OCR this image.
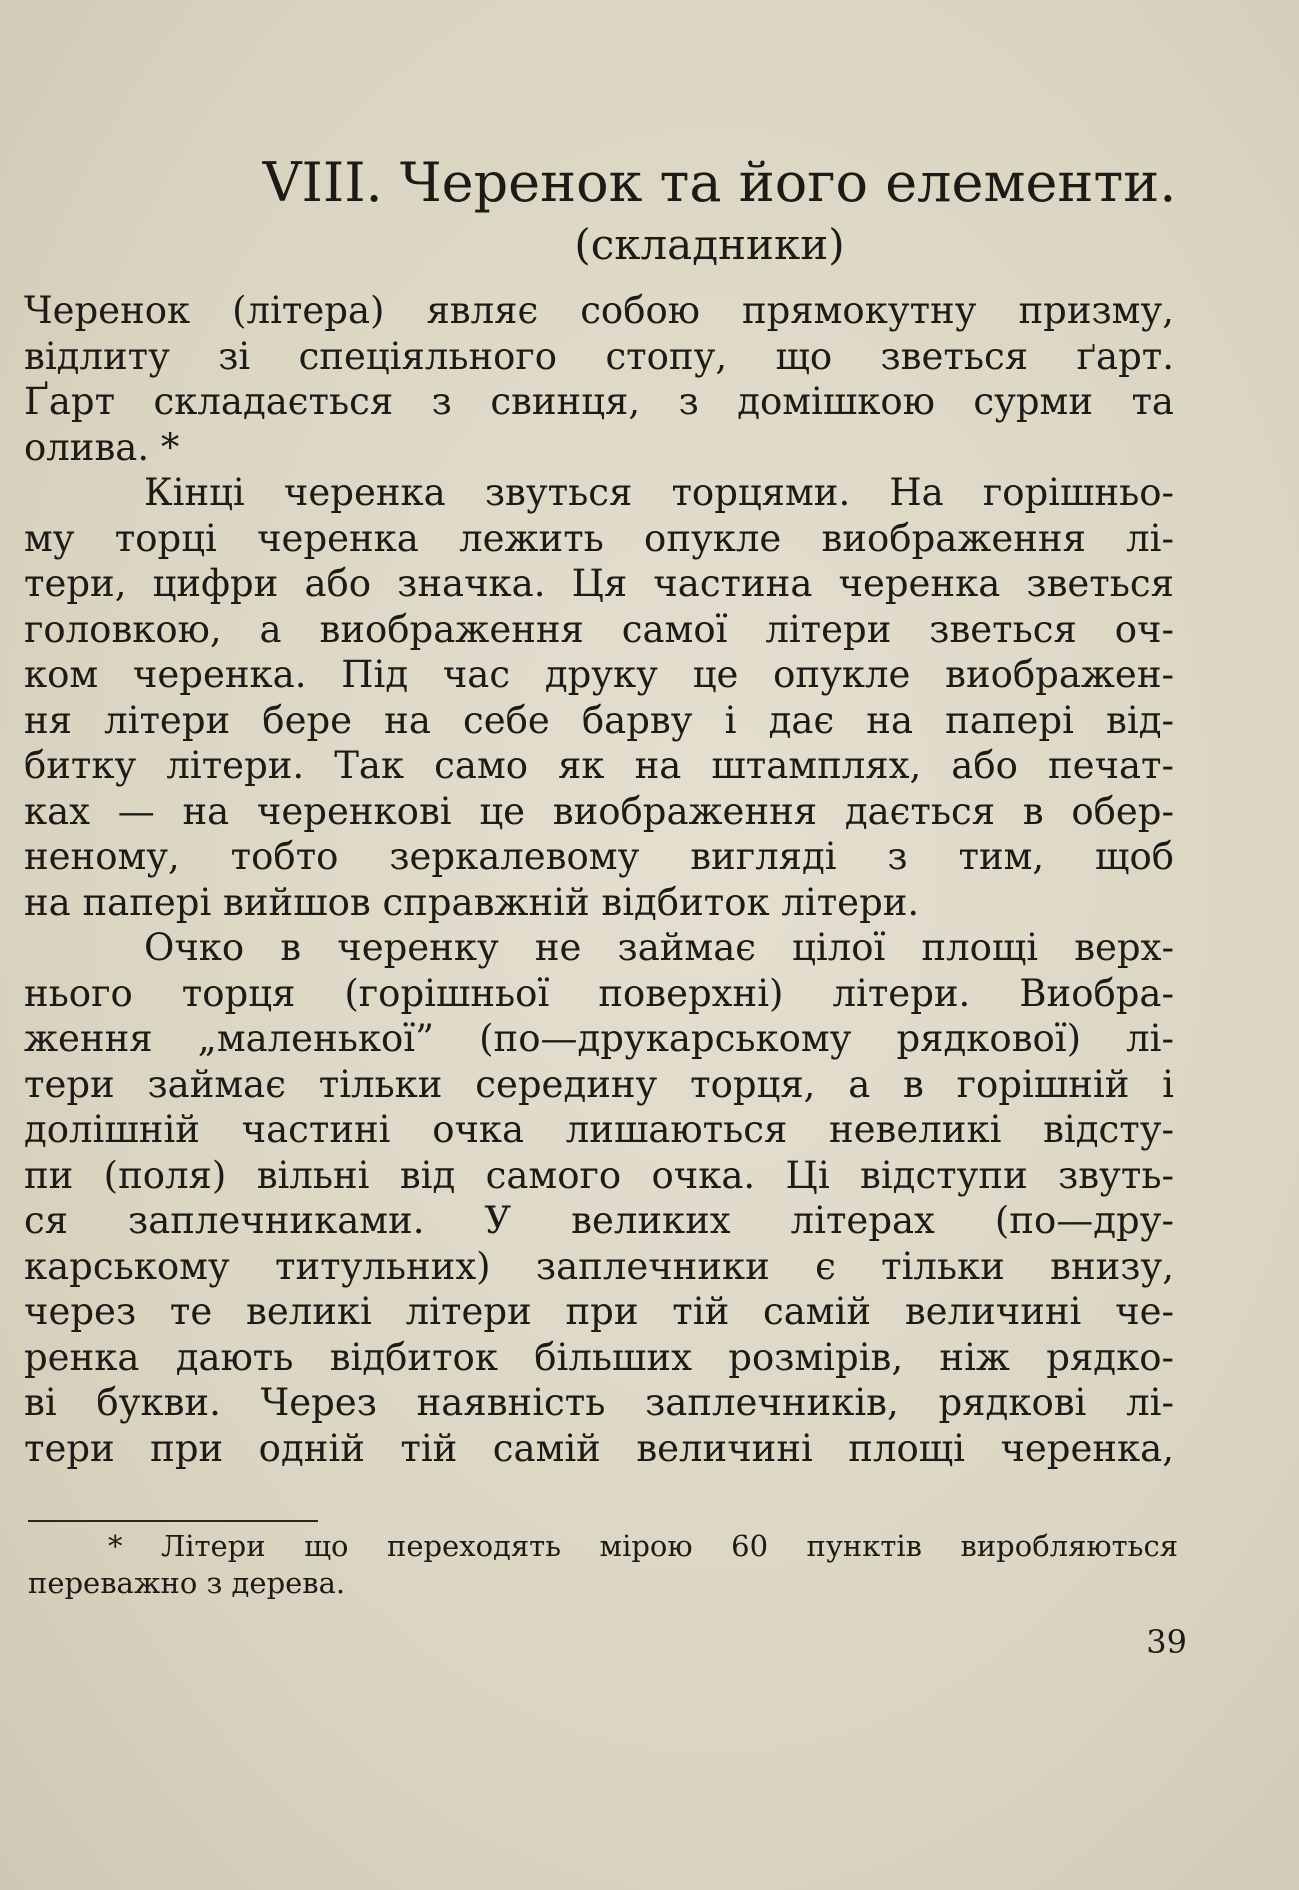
VIII. Черенок та його елементи.
(складники)
Черенок (літера) являє собою прямокутну призму,
відлиту зі спеціяльного стопу, що зветься ґарт.
Ґарт складається з свинця, з домішкою сурми та
олива. *
Кінці черенка звуться торцями. На горішньо-
му торці черенка лежить опукле виображення лі-
тери, цифри або значка. Ця частина черенка зветься
головкою, а виображення самої літери зветься оч-
ком черенка. Під час друку це опукле виображен-
ня літери бере на себе барву і дає на папері від-
битку літери. Так само як на штамплях, або печат-
ках — на черенкові це виображення дається в обер-
неному, тобто зеркалевому вигляді з тим, щоб
на папері вийшов справжній відбиток літери.
Очко в черенку не займає цілої площі верх-
нього торця (горішньої поверхні) літери. Виобра-
ження „маленької” (по—друкарському рядкової) лі-
тери займає тільки середину торця, а в горішній і
долішній частині очка лишаються невеликі відсту-
пи (поля) вільні від самого очка. Ці відступи звуть-
ся заплечниками. У великих літерах (по—дру-
карському титульних) заплечники є тільки внизу,
через те великі літери при тій самій величині че-
ренка дають відбиток більших розмірів, ніж рядко-
ві букви. Через наявність заплечників, рядкові лі-
тери при одній тій самій величині площі черенка,
* Літери що переходять мірою 60 пунктів виробляються
переважно з дерева.
39
